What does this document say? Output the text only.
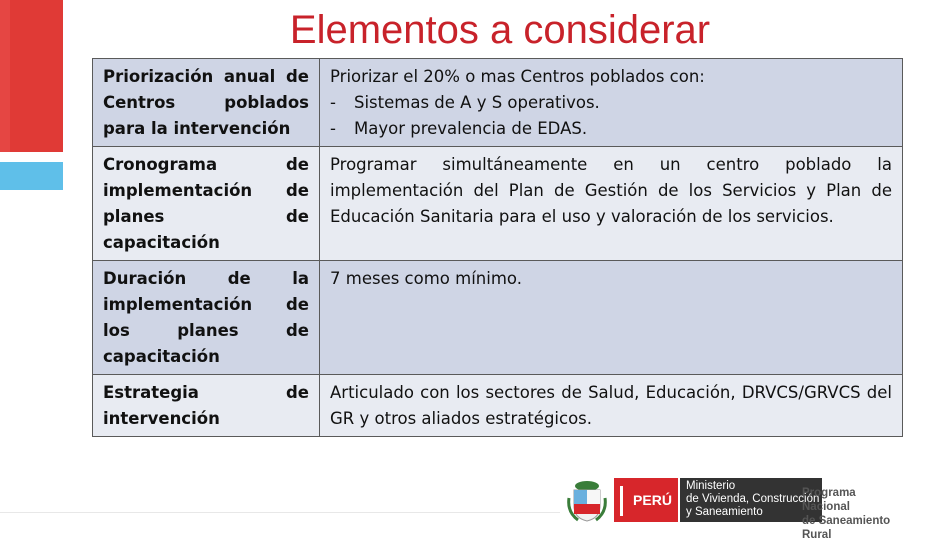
Elementos a considerar
Priorización anual de Centros poblados para la intervención	Priorizar el 20% o mas Centros poblados con:
- Sistemas de A y S operativos.
- Mayor prevalencia de EDAS.

Cronograma de implementación de planes de capacitación	Programar simultáneamente en un centro poblado la implementación del Plan de Gestión de los Servicios y Plan de Educación Sanitaria para el uso y valoración de los servicios.
Duración de la implementación de los planes de capacitación	7 meses como mínimo.
Estrategia de intervención	Articulado con los sectores de Salud, Educación, DRVCS/GRVCS del GR y otros aliados estratégicos.
PERÚ
Ministerio
de Vivienda, Construcción
y Saneamiento
Programa Nacional
de Saneamiento Rural
